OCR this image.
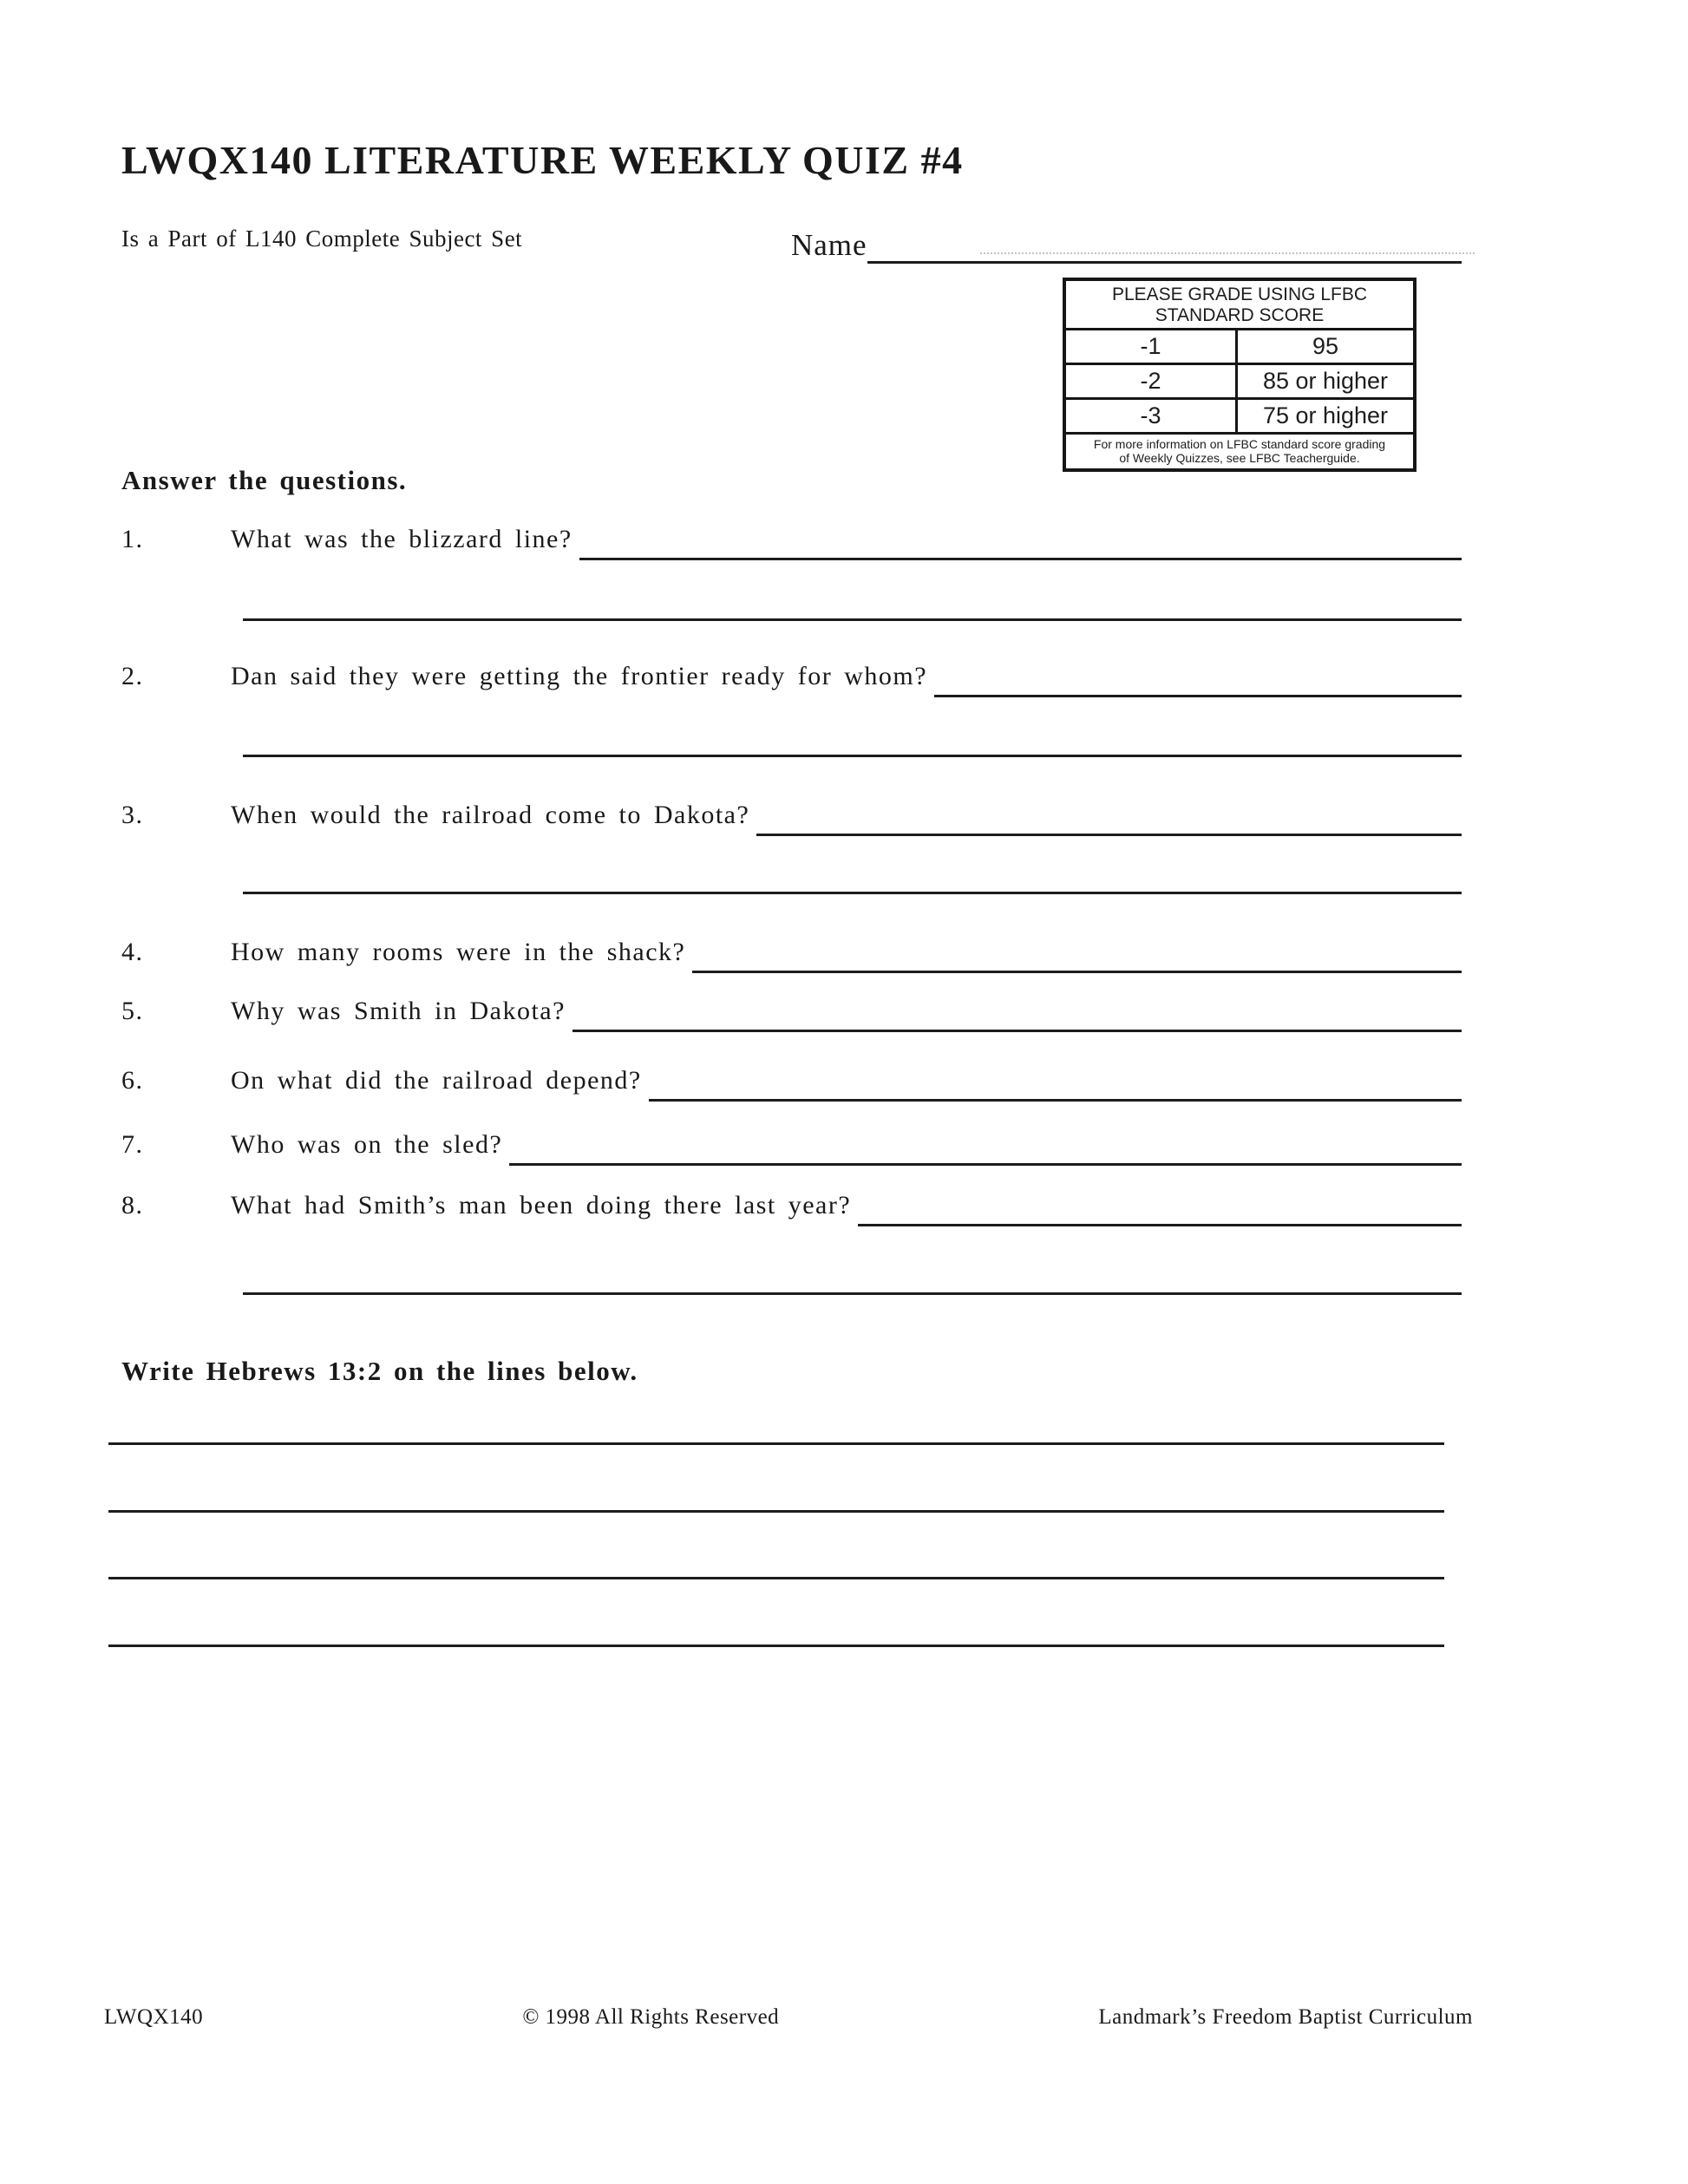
LWQX140 LITERATURE WEEKLY QUIZ #4
Is a Part of L140 Complete Subject Set	Name
PLEASE GRADE USING LFBC
STANDARD SCORE
-1	95
-2	85 or higher
-3	75 or higher
For more information on LFBC standard score grading
of Weekly Quizzes, see LFBC Teacherguide.
Answer the questions.
1.	What was the blizzard line?
2.	Dan said they were getting the frontier ready for whom?
3.	When would the railroad come to Dakota?
4.	How many rooms were in the shack?
5.	Why was Smith in Dakota?
6.	On what did the railroad depend?
7.	Who was on the sled?
8.	What had Smith’s man been doing there last year?
Write Hebrews 13:2 on the lines below.
LWQX140	© 1998 All Rights Reserved	Landmark’s Freedom Baptist Curriculum
